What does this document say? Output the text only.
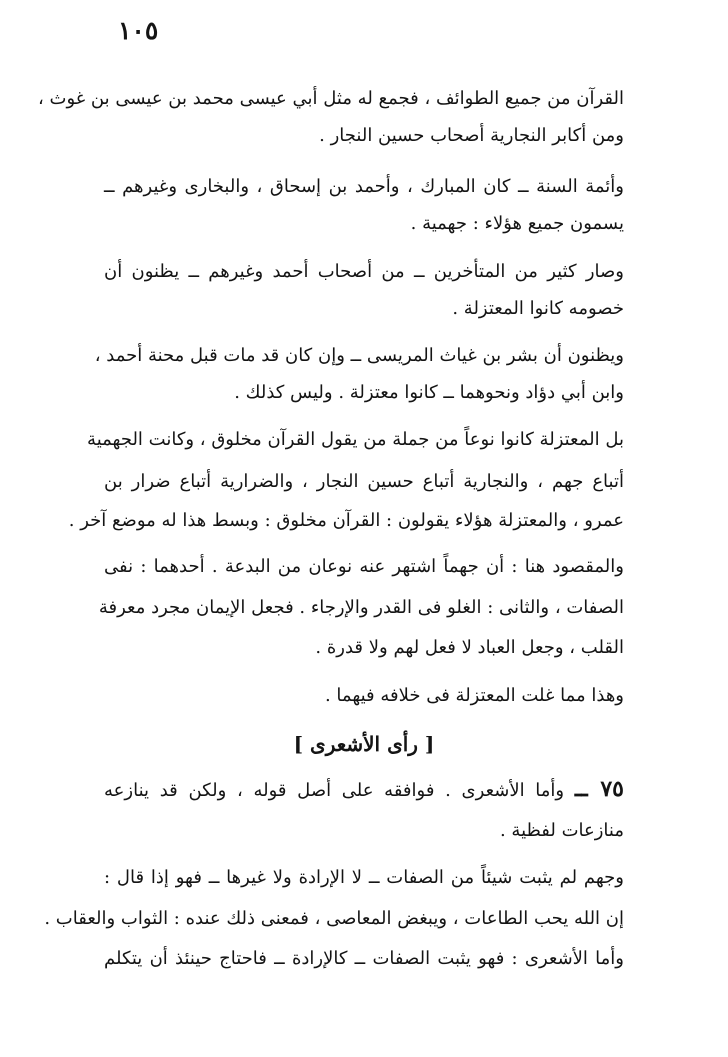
١٠٥
القرآن من جميع الطوائف ، فجمع له مثل أبي عيسى محمد بن عيسى بن غوث ،
ومن أكابر النجارية أصحاب حسين النجار .
وأئمة السنة ــ كان المبارك ، وأحمد بن إسحاق ، والبخارى وغيرهم ــ
يسمون جميع هؤلاء : جهمية .
وصار كثير من المتأخرين ــ من أصحاب أحمد وغيرهم ــ يظنون أن
خصومه كانوا المعتزلة .
ويظنون أن بشر بن غياث المريسى ــ وإن كان قد مات قبل محنة أحمد ،
وابن أبي دؤاد ونحوهما ــ كانوا معتزلة . وليس كذلك .
بل المعتزلة كانوا نوعاً من جملة من يقول القرآن مخلوق ، وكانت الجهمية
أتباع جهم ، والنجارية أتباع حسين النجار ، والضرارية أتباع ضرار بن
عمرو ، والمعتزلة هؤلاء يقولون : القرآن مخلوق : وبسط هذا له موضع آخر .
والمقصود هنا : أن جهماً اشتهر عنه نوعان من البدعة . أحدهما : نفى
الصفات ، والثانى : الغلو فى القدر والإرجاء . فجعل الإيمان مجرد معرفة
القلب ، وجعل العباد لا فعل لهم ولا قدرة .
وهذا مما غلت المعتزلة فى خلافه فيهما .
[ رأى الأشعرى ]
٧٥ ــ وأما الأشعرى . فوافقه على أصل قوله ، ولكن قد ينازعه
منازعات لفظية .
وجهم لم يثبت شيئاً من الصفات ــ لا الإرادة ولا غيرها ــ فهو إذا قال :
إن الله يحب الطاعات ، ويبغض المعاصى ، فمعنى ذلك عنده : الثواب والعقاب .
وأما الأشعرى : فهو يثبت الصفات ــ كالإرادة ــ فاحتاج حينئذ أن يتكلم
